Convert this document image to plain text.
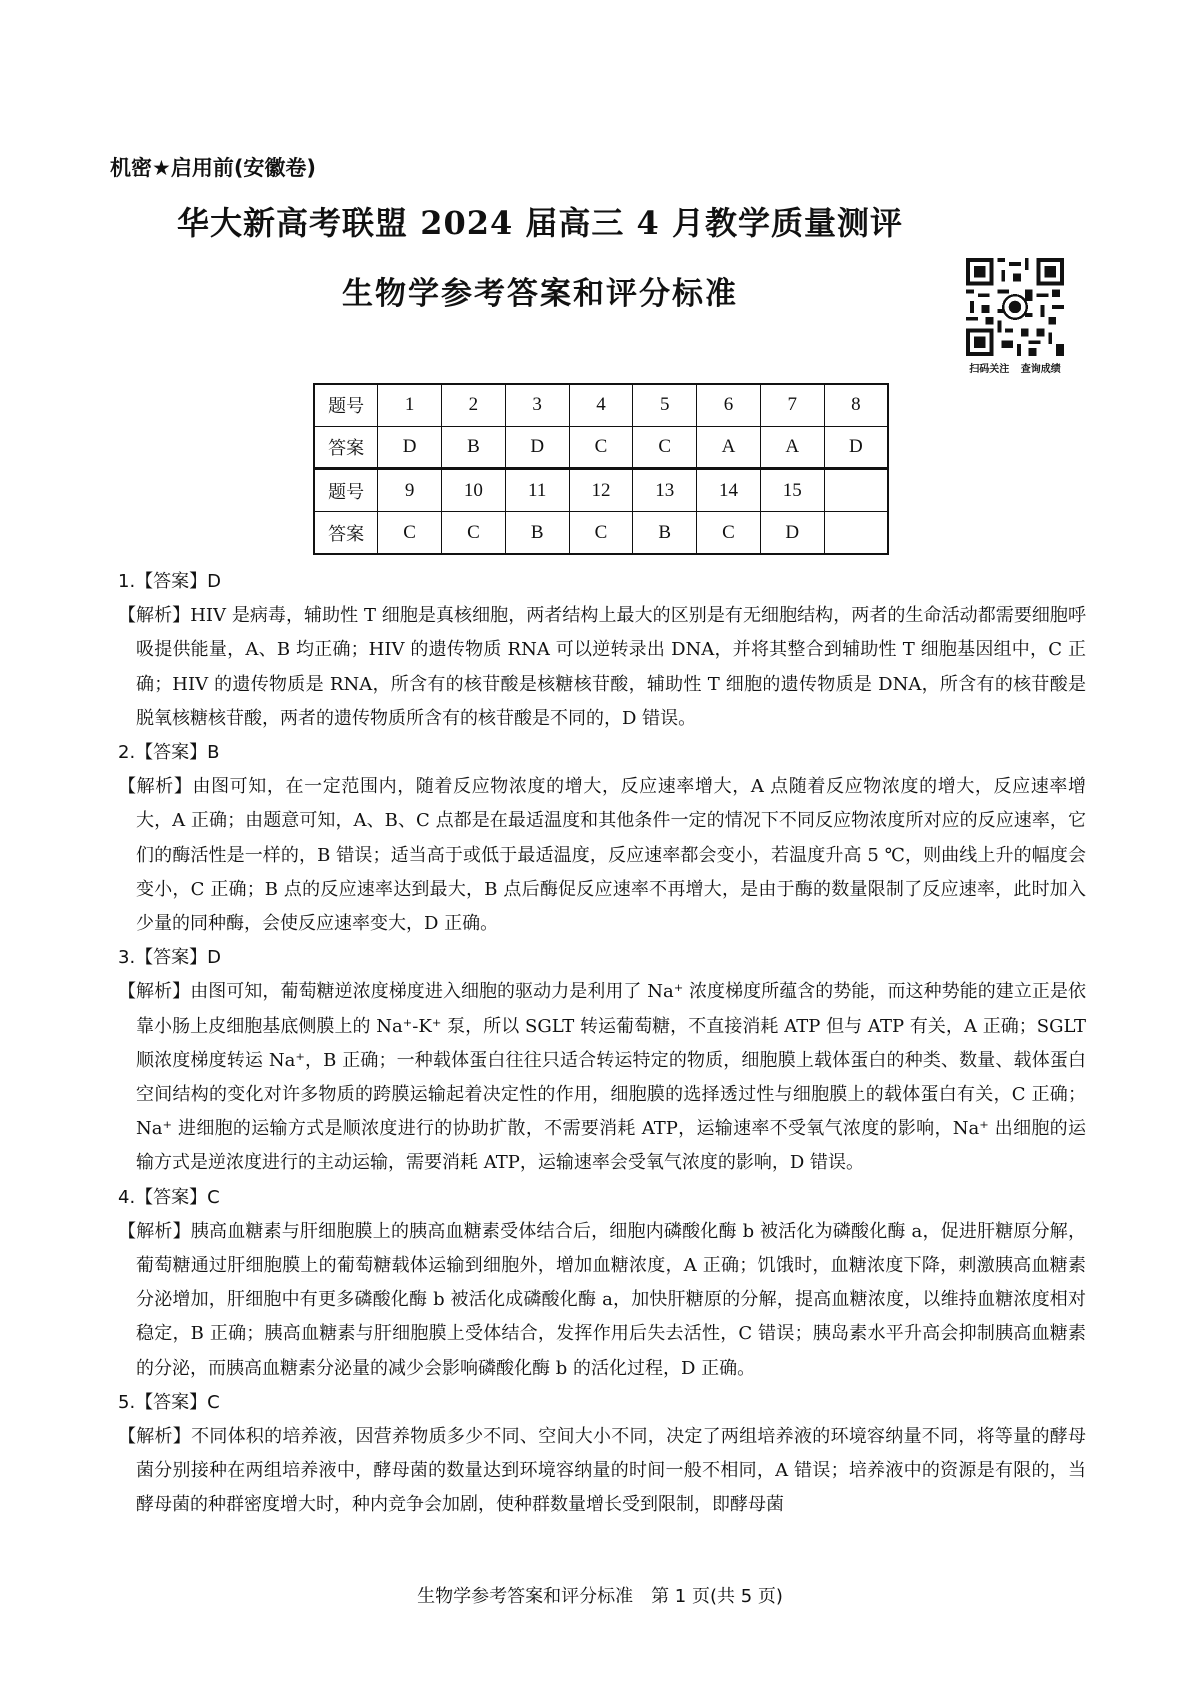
机密★启用前(安徽卷)
华大新高考联盟 2024 届高三 4 月教学质量测评
生物学参考答案和评分标准
扫码关注 查询成绩
题号	1	2	3	4	5	6	7	8
答案	D	B	D	C	C	A	A	D
题号	9	10	11	12	13	14	15	
答案	C	C	B	C	B	C	D	
1.【答案】D
【解析】HIV 是病毒，辅助性 T 细胞是真核细胞，两者结构上最大的区别是有无细胞结构，两者的生命活动都需要细胞呼吸提供能量，A、B 均正确；HIV 的遗传物质 RNA 可以逆转录出 DNA，并将其整合到辅助性 T 细胞基因组中，C 正确；HIV 的遗传物质是 RNA，所含有的核苷酸是核糖核苷酸，辅助性 T 细胞的遗传物质是 DNA，所含有的核苷酸是脱氧核糖核苷酸，两者的遗传物质所含有的核苷酸是不同的，D 错误。
2.【答案】B
【解析】由图可知，在一定范围内，随着反应物浓度的增大，反应速率增大，A 点随着反应物浓度的增大，反应速率增大，A 正确；由题意可知，A、B、C 点都是在最适温度和其他条件一定的情况下不同反应物浓度所对应的反应速率，它们的酶活性是一样的，B 错误；适当高于或低于最适温度，反应速率都会变小，若温度升高 5 ℃，则曲线上升的幅度会变小，C 正确；B 点的反应速率达到最大，B 点后酶促反应速率不再增大，是由于酶的数量限制了反应速率，此时加入少量的同种酶，会使反应速率变大，D 正确。
3.【答案】D
【解析】由图可知，葡萄糖逆浓度梯度进入细胞的驱动力是利用了 Na⁺ 浓度梯度所蕴含的势能，而这种势能的建立正是依靠小肠上皮细胞基底侧膜上的 Na⁺-K⁺ 泵，所以 SGLT 转运葡萄糖，不直接消耗 ATP 但与 ATP 有关，A 正确；SGLT 顺浓度梯度转运 Na⁺，B 正确；一种载体蛋白往往只适合转运特定的物质，细胞膜上载体蛋白的种类、数量、载体蛋白空间结构的变化对许多物质的跨膜运输起着决定性的作用，细胞膜的选择透过性与细胞膜上的载体蛋白有关，C 正确；Na⁺ 进细胞的运输方式是顺浓度进行的协助扩散，不需要消耗 ATP，运输速率不受氧气浓度的影响，Na⁺ 出细胞的运输方式是逆浓度进行的主动运输，需要消耗 ATP，运输速率会受氧气浓度的影响，D 错误。
4.【答案】C
【解析】胰高血糖素与肝细胞膜上的胰高血糖素受体结合后，细胞内磷酸化酶 b 被活化为磷酸化酶 a，促进肝糖原分解，葡萄糖通过肝细胞膜上的葡萄糖载体运输到细胞外，增加血糖浓度，A 正确；饥饿时，血糖浓度下降，刺激胰高血糖素分泌增加，肝细胞中有更多磷酸化酶 b 被活化成磷酸化酶 a，加快肝糖原的分解，提高血糖浓度，以维持血糖浓度相对稳定，B 正确；胰高血糖素与肝细胞膜上受体结合，发挥作用后失去活性，C 错误；胰岛素水平升高会抑制胰高血糖素的分泌，而胰高血糖素分泌量的减少会影响磷酸化酶 b 的活化过程，D 正确。
5.【答案】C
【解析】不同体积的培养液，因营养物质多少不同、空间大小不同，决定了两组培养液的环境容纳量不同，将等量的酵母菌分别接种在两组培养液中，酵母菌的数量达到环境容纳量的时间一般不相同，A 错误；培养液中的资源是有限的，当酵母菌的种群密度增大时，种内竞争会加剧，使种群数量增长受到限制，即酵母菌
生物学参考答案和评分标准　第 1 页(共 5 页)
